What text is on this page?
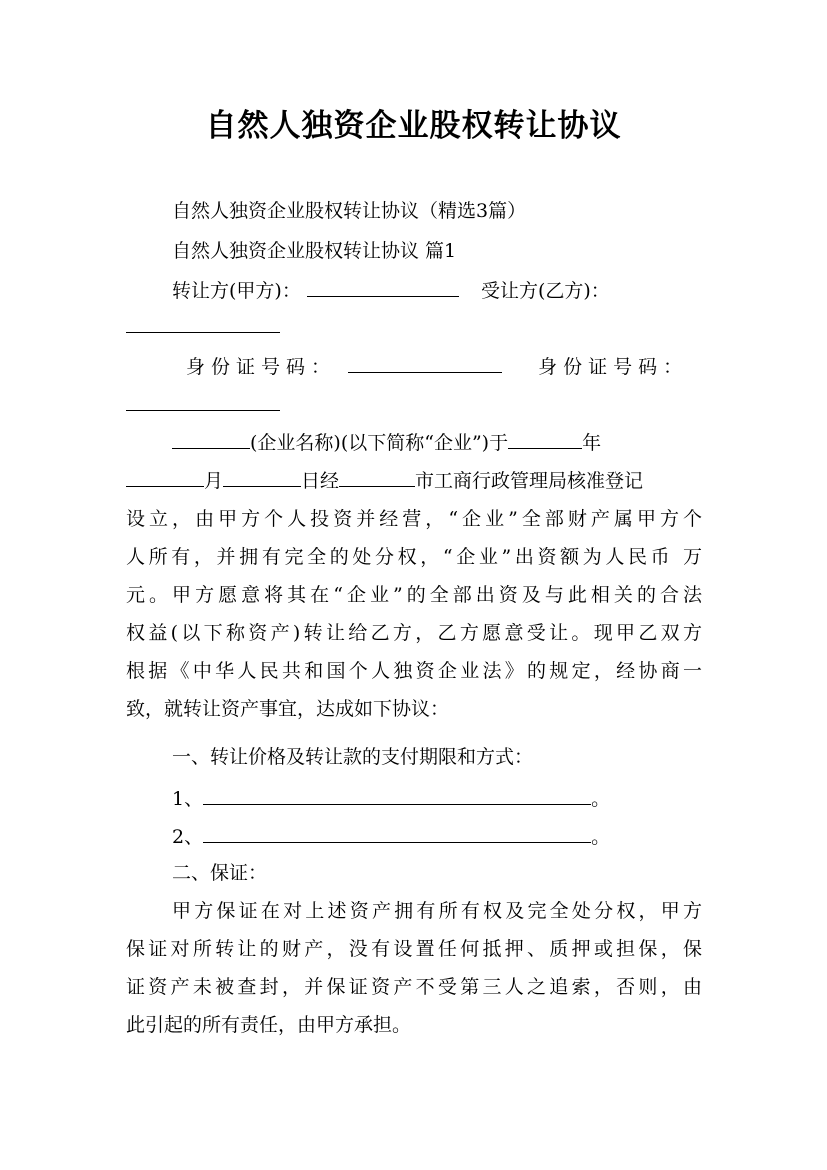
自然人独资企业股权转让协议

自然人独资企业股权转让协议（精选3篇）

自然人独资企业股权转让协议 篇1

转让方(甲方)：	受让方(乙方)：

身份证号码：	身份证号码：

(企业名称)(以下简称“企业”)于	年

月	日经	市工商行政管理局核准登记

设立，由甲方个人投资并经营，“企业”全部财产属甲方个

人所有，并拥有完全的处分权，“企业”出资额为人民币 万

元。甲方愿意将其在“企业”的全部出资及与此相关的合法

权益(以下称资产)转让给乙方，乙方愿意受让。现甲乙双方

根据《中华人民共和国个人独资企业法》的规定，经协商一

致，就转让资产事宜，达成如下协议：

一、转让价格及转让款的支付期限和方式：

1、	。

2、	。

二、保证：

甲方保证在对上述资产拥有所有权及完全处分权，甲方

保证对所转让的财产，没有设置任何抵押、质押或担保，保

证资产未被查封，并保证资产不受第三人之追索，否则，由

此引起的所有责任，由甲方承担。
